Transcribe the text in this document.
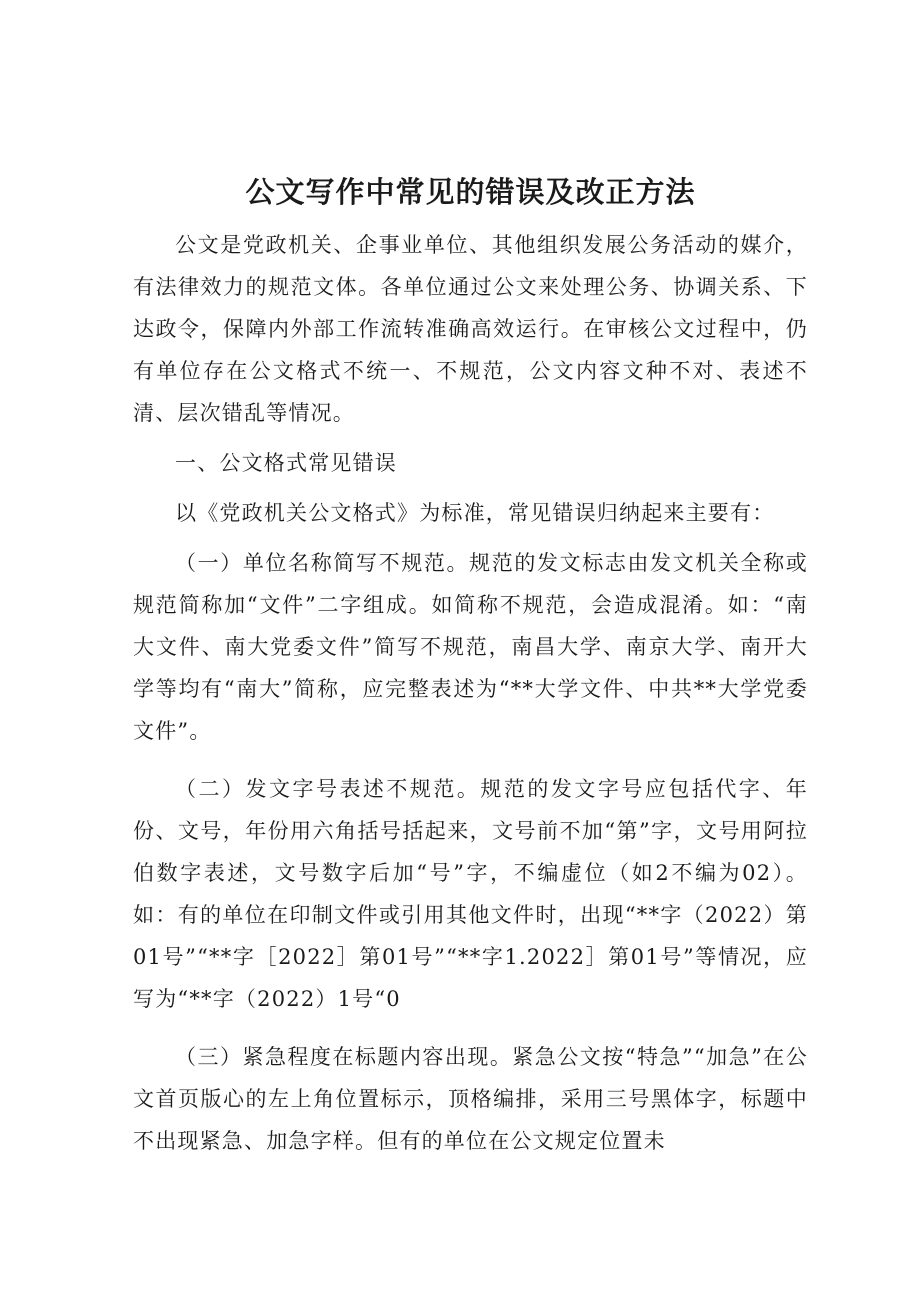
公文写作中常见的错误及改正方法

公文是党政机关、企事业单位、其他组织发展公务活动的媒介，有法律效力的规范文体。各单位通过公文来处理公务、协调关系、下达政令，保障内外部工作流转准确高效运行。在审核公文过程中，仍有单位存在公文格式不统一、不规范，公文内容文种不对、表述不清、层次错乱等情况。

一、公文格式常见错误

以《党政机关公文格式》为标准，常见错误归纳起来主要有：

（一）单位名称简写不规范。规范的发文标志由发文机关全称或规范简称加“文件”二字组成。如简称不规范，会造成混淆。如：“南大文件、南大党委文件”简写不规范，南昌大学、南京大学、南开大学等均有“南大”简称，应完整表述为“**大学文件、中共**大学党委文件”。

（二）发文字号表述不规范。规范的发文字号应包括代字、年份、文号，年份用六角括号括起来，文号前不加“第”字，文号用阿拉伯数字表述，文号数字后加“号”字，不编虚位（如2不编为02）。如：有的单位在印制文件或引用其他文件时，出现“**字（2022）第01号”“**字［2022］第01号”“**字1.2022］第01号”等情况，应写为“**字（2022）1号“0

（三）紧急程度在标题内容出现。紧急公文按“特急”“加急”在公文首页版心的左上角位置标示，顶格编排，采用三号黑体字，标题中不出现紧急、加急字样。但有的单位在公文规定位置未
